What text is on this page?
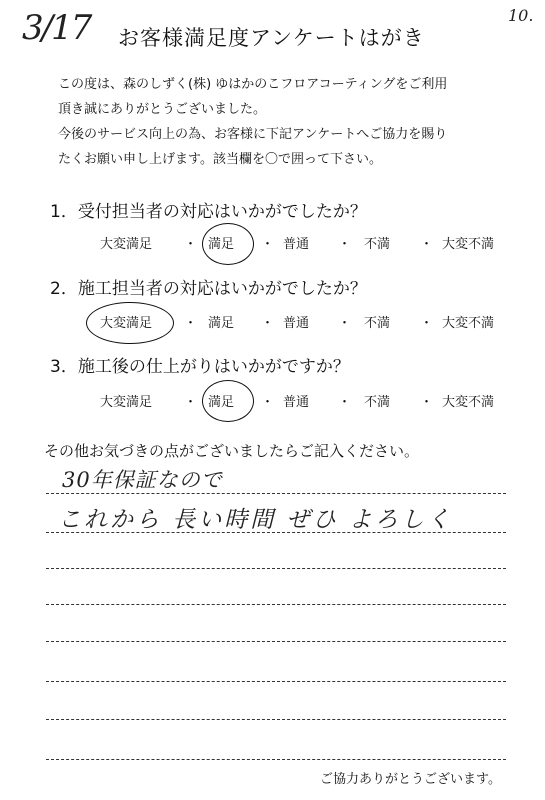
3/17	10.
お客様満足度アンケートはがき
この度は、森のしずく(株) ゆはかのこフロアコーティングをご利用
頂き誠にありがとうございました。
今後のサービス向上の為、お客様に下記アンケートへご協力を賜り
たくお願い申し上げます。該当欄を〇で囲って下さい。
1．受付担当者の対応はいかがでしたか？
大変満足 ・ 満足 ・ 普通 ・ 不満 ・ 大変不満
2．施工担当者の対応はいかがでしたか？
大変満足 ・ 満足 ・ 普通 ・ 不満 ・ 大変不満
3．施工後の仕上がりはいかがですか？
大変満足 ・ 満足 ・ 普通 ・ 不満 ・ 大変不満
その他お気づきの点がございましたらご記入ください。
30年保証なので
これから 長い時間 ぜひ よろしく
ご協力ありがとうございます。
